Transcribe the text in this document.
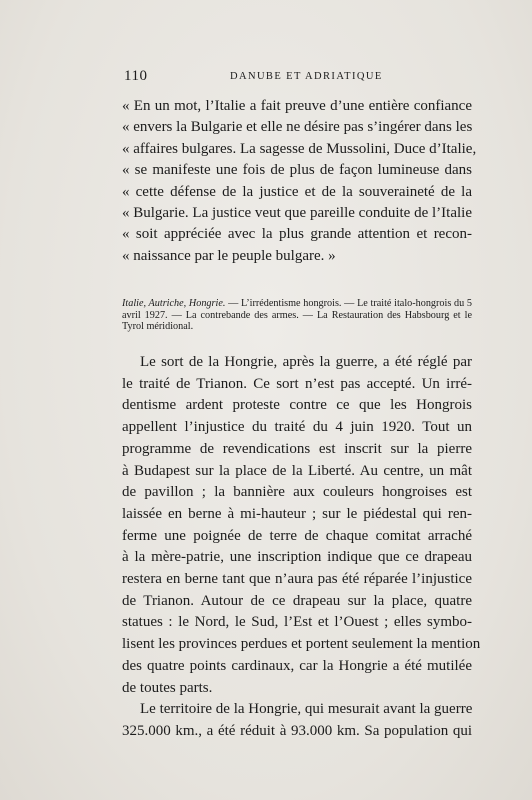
110	DANUBE ET ADRIATIQUE
« En un mot, l’Italie a fait preuve d’une entière confiance
« envers la Bulgarie et elle ne désire pas s’ingérer dans les
« affaires bulgares. La sagesse de Mussolini, Duce d’Italie,
« se manifeste une fois de plus de façon lumineuse dans
« cette défense de la justice et de la souveraineté de la
« Bulgarie. La justice veut que pareille conduite de l’Italie
« soit appréciée avec la plus grande attention et recon-
« naissance par le peuple bulgare. »
Italie, Autriche, Hongrie. — L’irrédentisme hongrois. — Le traité italo-hongrois du 5 avril 1927. — La contrebande des armes. — La Restauration des Habsbourg et le Tyrol méridional.
Le sort de la Hongrie, après la guerre, a été réglé par
le traité de Trianon. Ce sort n’est pas accepté. Un irré-
dentisme ardent proteste contre ce que les Hongrois
appellent l’injustice du traité du 4 juin 1920. Tout un
programme de revendications est inscrit sur la pierre
à Budapest sur la place de la Liberté. Au centre, un mât
de pavillon ; la bannière aux couleurs hongroises est
laissée en berne à mi-hauteur ; sur le piédestal qui ren-
ferme une poignée de terre de chaque comitat arraché
à la mère-patrie, une inscription indique que ce drapeau
restera en berne tant que n’aura pas été réparée l’injustice
de Trianon. Autour de ce drapeau sur la place, quatre
statues : le Nord, le Sud, l’Est et l’Ouest ; elles symbo-
lisent les provinces perdues et portent seulement la mention
des quatre points cardinaux, car la Hongrie a été mutilée
de toutes parts.
Le territoire de la Hongrie, qui mesurait avant la guerre
325.000 km., a été réduit à 93.000 km. Sa population qui
